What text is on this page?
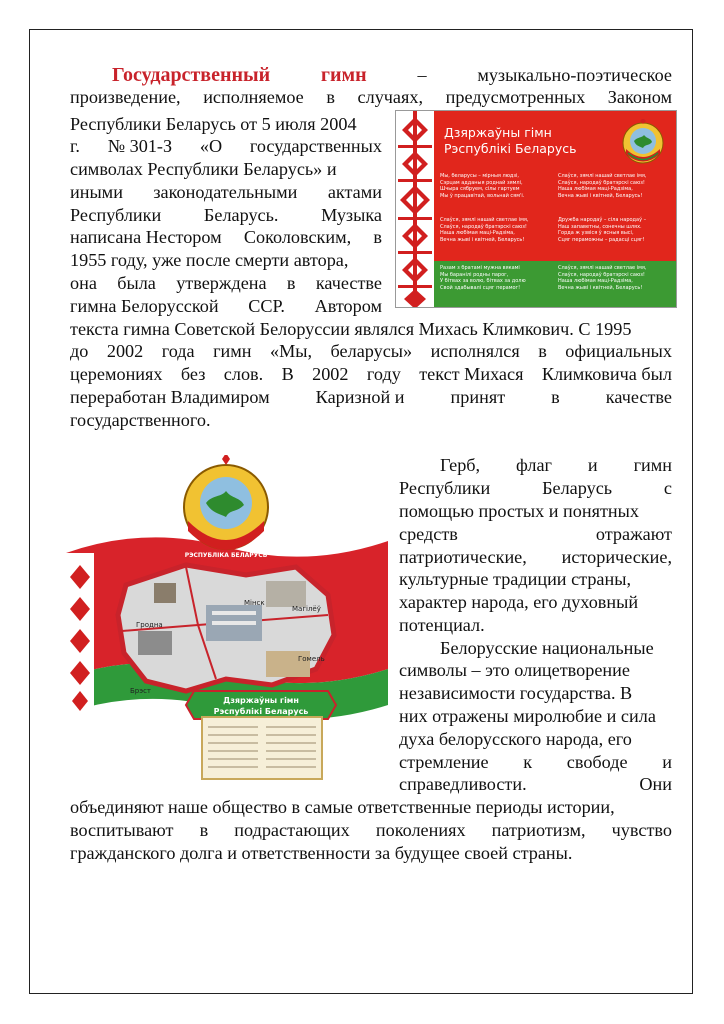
Государственный	гимн	–	музыкально-поэтическое
произведение, исполняемое в случаях, предусмотренных Законом
Республики Беларусь от 5 июля 2004
г. № 301-З «О государственных
символах Республики Беларусь» и
иными законодательными актами
Республики Беларусь. Музыка
написана Нестором Соколовским, в
1955 году, уже после смерти автора,
она была утверждена в качестве
гимна Белорусской ССР. Автором
текста гимна Советской Белоруссии являлся Михась Климкович. С 1995
до 2002 года гимн «Мы, беларусы» исполнялся в официальных
церемониях без слов. В 2002 году текст Михася Климковича был
переработан Владимиром	Каризной и	принят	в	качестве
государственного.
Герб, флаг и гимн
Республики	Беларусь	с
помощью простых и понятных
средств	отражают
патриотические, исторические,
культурные традиции страны,
характер народа, его духовный
потенциал.
Белорусские национальные
символы – это олицетворение
независимости государства. В
них отражены миролюбие и сила
духа белорусского народа, его
стремление к свободе и
справедливости.	Они
объединяют наше общество в самые ответственные периоды истории,
воспитывают в подрастающих поколениях патриотизм, чувство
гражданского долга и ответственности за будущее своей страны.
Дзяржаўны гімн
Рэспублікі Беларусь
Мы, беларусы – мірныя людзі,
Сэрцам адданыя роднай зямлі,
Шчыра сябруем, сілы гартуем
Мы ў працавітай, вольнай сям'і.
Слаўся, зямлі нашай светлае імя,
Слаўся, народаў братэрскі саюз!
Наша любімая маці-Радзіма,
Вечна жыві і квітней, Беларусь!
Слаўся, зямлі нашай светлае імя,
Слаўся, народаў братэрскі саюз!
Наша любімая маці-Радзіма,
Вечна жыві і квітней, Беларусь!
Дружба народаў – сіла народаў –
Наш запаветны, сонечны шлях.
Горда ж узвіся ў ясныя высі,
Сцяг пераможны – радасці сцяг!
Разам з братамі мужна вякамі
Мы баранілі родны парог,
У бітвах за волю, бітвах за долю
Свой здабывалі сцяг перамог!
Слаўся, зямлі нашай светлае імя,
Слаўся, народаў братэрскі саюз!
Наша любімая маці-Радзіма,
Вечна жыві і квітней, Беларусь!
РЭСПУБЛІКА БЕЛАРУСЬ
Мінск
Магілёў
Гродна
Гомель
Брэст
Дзяржаўны гімн
Рэспублікі Беларусь
